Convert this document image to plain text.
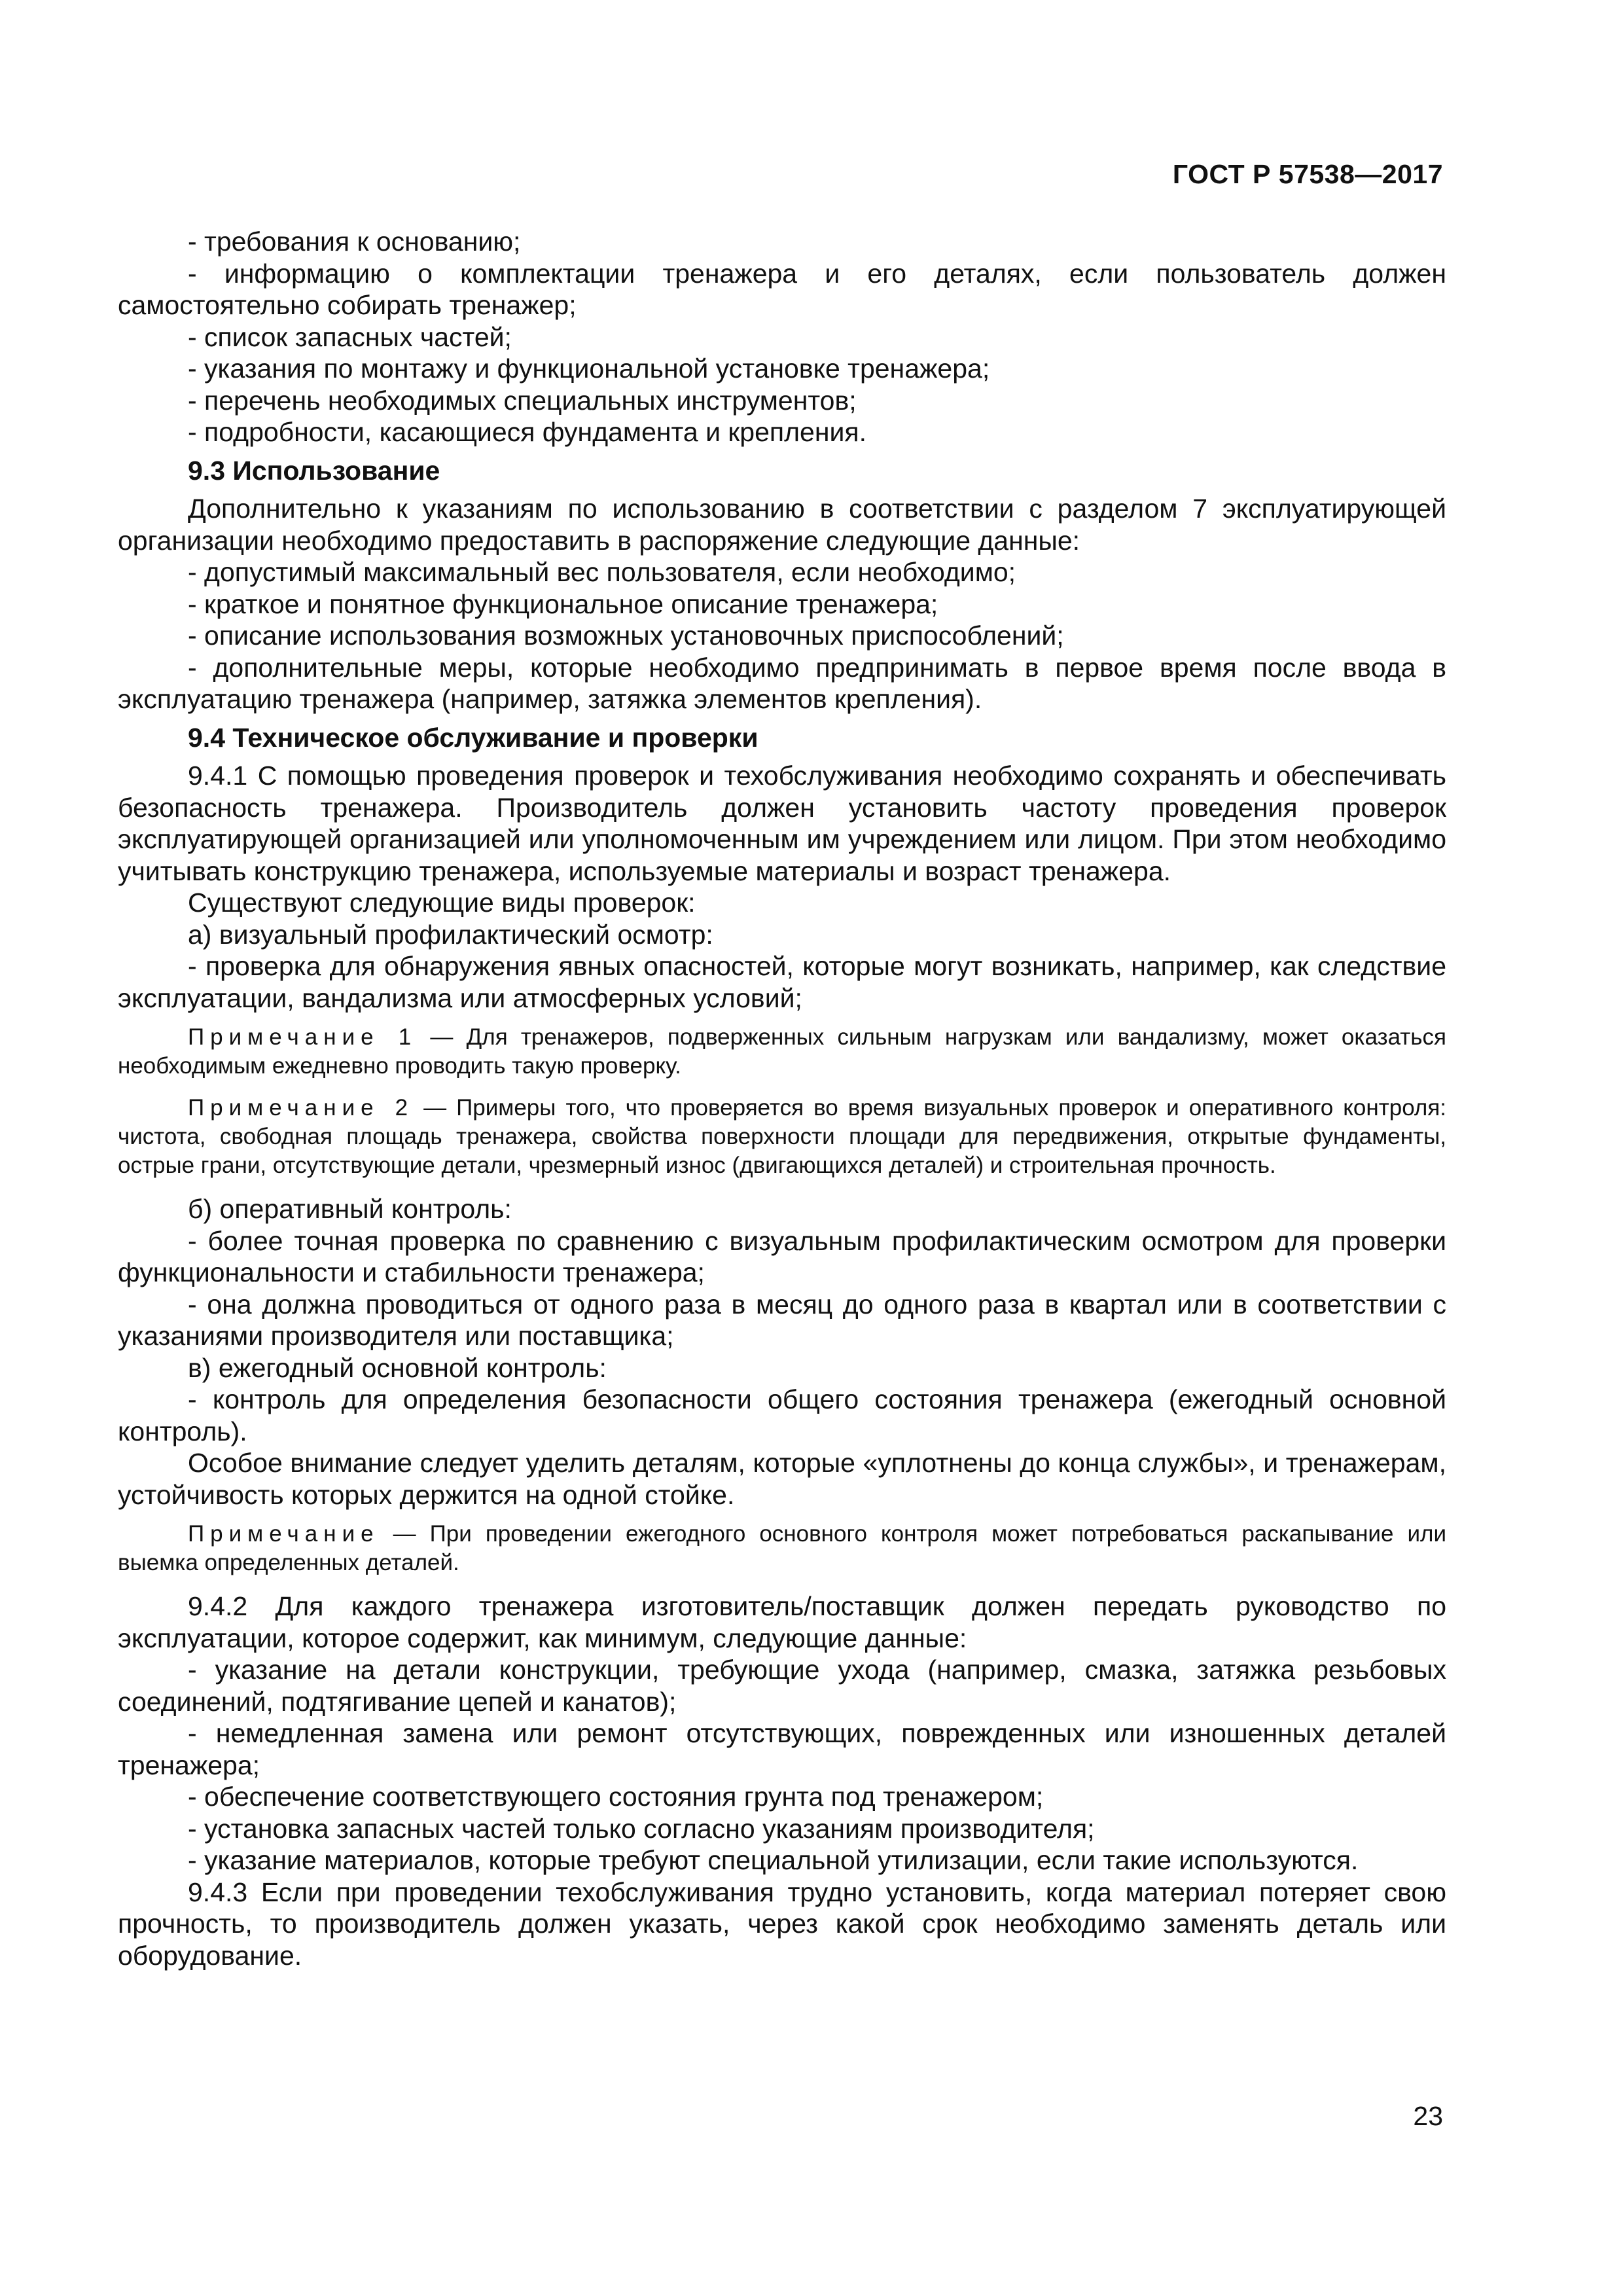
ГОСТ Р 57538—2017

- требования к основанию;

- информацию о комплектации тренажера и его деталях, если пользователь должен самостоятельно собирать тренажер;

- список запасных частей;

- указания по монтажу и функциональной установке тренажера;

- перечень необходимых специальных инструментов;

- подробности, касающиеся фундамента и крепления.

9.3 Использование

Дополнительно к указаниям по использованию в соответствии с разделом 7 эксплуатирующей организации необходимо предоставить в распоряжение следующие данные:

- допустимый максимальный вес пользователя, если необходимо;

- краткое и понятное функциональное описание тренажера;

- описание использования возможных установочных приспособлений;

- дополнительные меры, которые необходимо предпринимать в первое время после ввода в эксплуатацию тренажера (например, затяжка элементов крепления).

9.4 Техническое обслуживание и проверки

9.4.1 С помощью проведения проверок и техобслуживания необходимо сохранять и обеспечивать безопасность тренажера. Производитель должен установить частоту проведения проверок эксплуатирующей организацией или уполномоченным им учреждением или лицом. При этом необходимо учитывать конструкцию тренажера, используемые материалы и возраст тренажера.

Существуют следующие виды проверок:

а) визуальный профилактический осмотр:

- проверка для обнаружения явных опасностей, которые могут возникать, например, как следствие эксплуатации, вандализма или атмосферных условий;

Примечание 1 — Для тренажеров, подверженных сильным нагрузкам или вандализму, может оказаться необходимым ежедневно проводить такую проверку.

Примечание 2 — Примеры того, что проверяется во время визуальных проверок и оперативного контроля: чистота, свободная площадь тренажера, свойства поверхности площади для передвижения, открытые фундаменты, острые грани, отсутствующие детали, чрезмерный износ (двигающихся деталей) и строительная прочность.

б) оперативный контроль:

- более точная проверка по сравнению с визуальным профилактическим осмотром для проверки функциональности и стабильности тренажера;

- она должна проводиться от одного раза в месяц до одного раза в квартал или в соответствии с указаниями производителя или поставщика;

в) ежегодный основной контроль:

- контроль для определения безопасности общего состояния тренажера (ежегодный основной контроль).

Особое внимание следует уделить деталям, которые «уплотнены до конца службы», и тренажерам, устойчивость которых держится на одной стойке.

Примечание — При проведении ежегодного основного контроля может потребоваться раскапывание или выемка определенных деталей.

9.4.2 Для каждого тренажера изготовитель/поставщик должен передать руководство по эксплуатации, которое содержит, как минимум, следующие данные:

- указание на детали конструкции, требующие ухода (например, смазка, затяжка резьбовых соединений, подтягивание цепей и канатов);

- немедленная замена или ремонт отсутствующих, поврежденных или изношенных деталей тренажера;

- обеспечение соответствующего состояния грунта под тренажером;

- установка запасных частей только согласно указаниям производителя;

- указание материалов, которые требуют специальной утилизации, если такие используются.

9.4.3 Если при проведении техобслуживания трудно установить, когда материал потеряет свою прочность, то производитель должен указать, через какой срок необходимо заменять деталь или оборудование.

23
